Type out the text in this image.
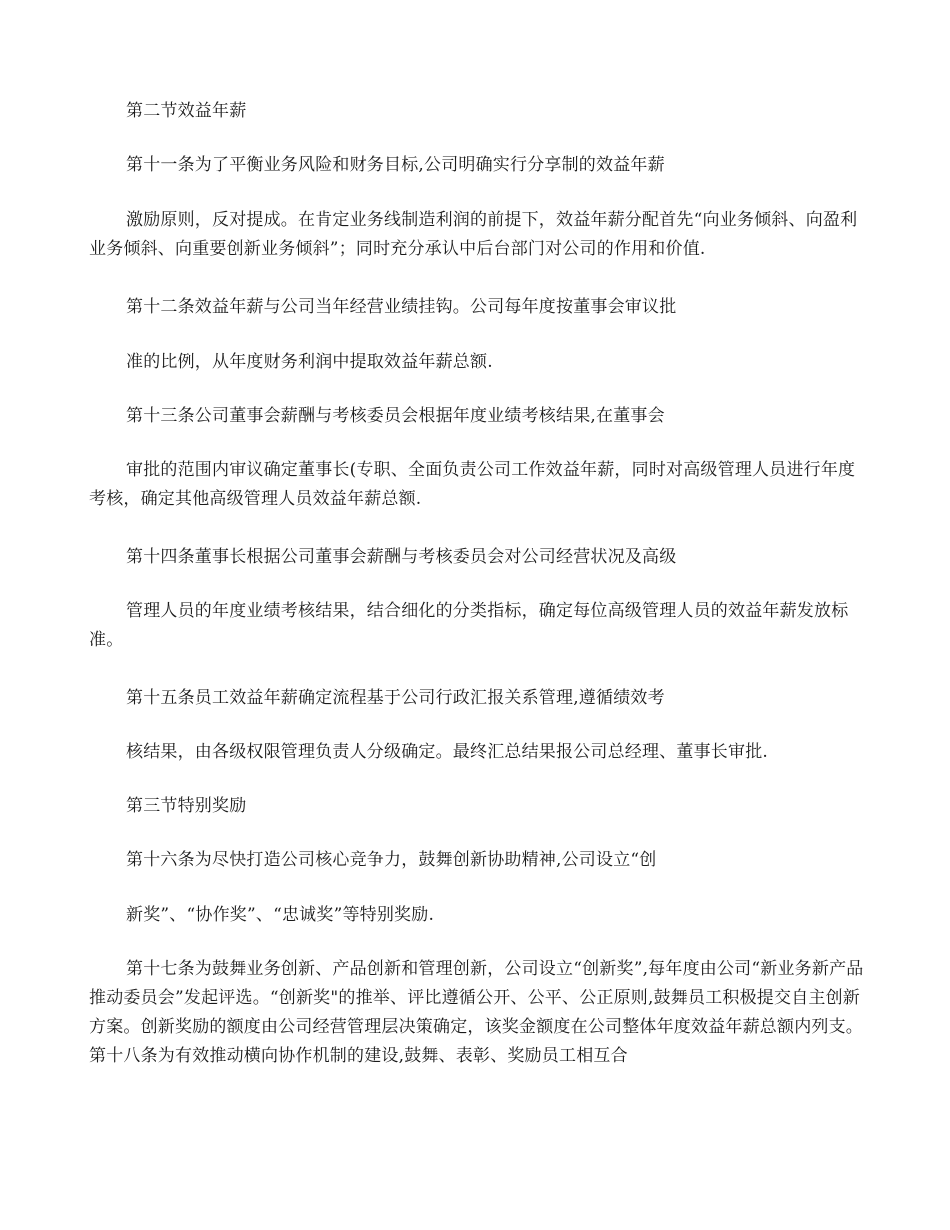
第二节效益年薪

第十一条为了平衡业务风险和财务目标,公司明确实行分享制的效益年薪

激励原则，反对提成。在肯定业务线制造利润的前提下，效益年薪分配首先“向业务倾斜、向盈利业务倾斜、向重要创新业务倾斜”；同时充分承认中后台部门对公司的作用和价值.

第十二条效益年薪与公司当年经营业绩挂钩。公司每年度按董事会审议批

准的比例，从年度财务利润中提取效益年薪总额.

第十三条公司董事会薪酬与考核委员会根据年度业绩考核结果,在董事会

审批的范围内审议确定董事长(专职、全面负责公司工作效益年薪，同时对高级管理人员进行年度考核，确定其他高级管理人员效益年薪总额.

第十四条董事长根据公司董事会薪酬与考核委员会对公司经营状况及高级

管理人员的年度业绩考核结果，结合细化的分类指标，确定每位高级管理人员的效益年薪发放标准。

第十五条员工效益年薪确定流程基于公司行政汇报关系管理,遵循绩效考

核结果，由各级权限管理负责人分级确定。最终汇总结果报公司总经理、董事长审批.

第三节特别奖励

第十六条为尽快打造公司核心竞争力，鼓舞创新协助精神,公司设立“创

新奖”、“协作奖”、“忠诚奖”等特别奖励.

第十七条为鼓舞业务创新、产品创新和管理创新，公司设立“创新奖”,每年度由公司“新业务新产品推动委员会”发起评选。“创新奖"的推举、评比遵循公开、公平、公正原则,鼓舞员工积极提交自主创新方案。创新奖励的额度由公司经营管理层决策确定，该奖金额度在公司整体年度效益年薪总额内列支。第十八条为有效推动横向协作机制的建设,鼓舞、表彰、奖励员工相互合
